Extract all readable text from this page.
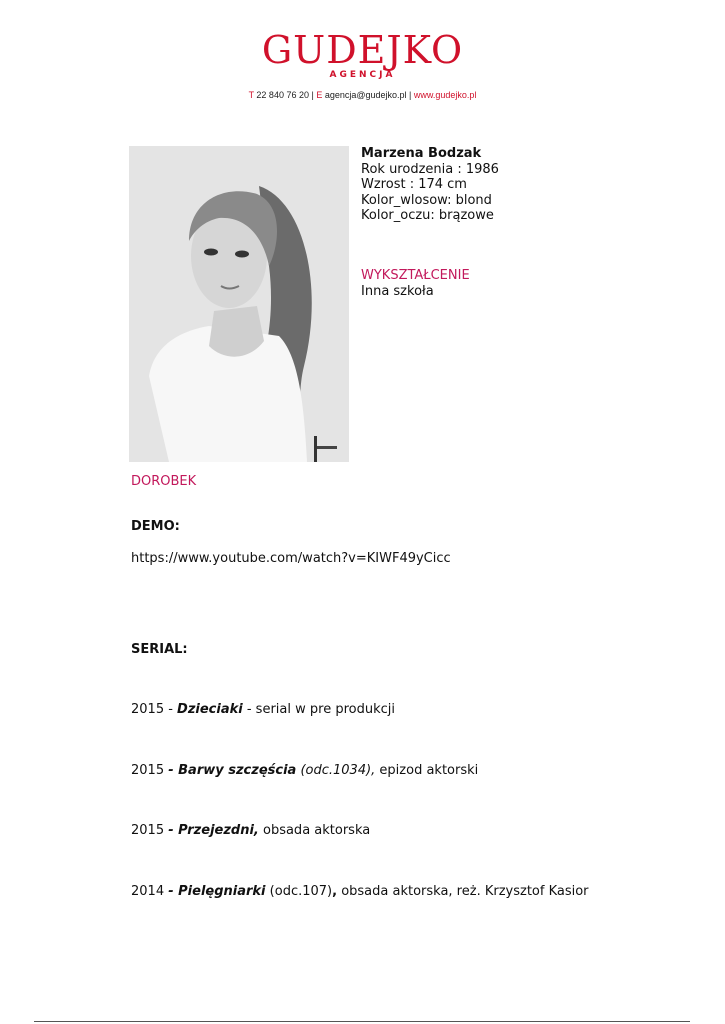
GUDEJKO
AGENCJA
T 22 840 76 20 | E agencja@gudejko.pl | www.gudejko.pl
Marzena Bodzak
Rok urodzenia : 1986
Wzrost : 174 cm
Kolor_wlosow: blond
Kolor_oczu: brązowe
WYKSZTAŁCENIE
Inna szkoła
DOROBEK
DEMO:
https://www.youtube.com/watch?v=KIWF49yCicc
SERIAL:
2015 - Dzieciaki - serial w pre produkcji
2015 - Barwy szczęścia (odc.1034), epizod aktorski
2015 - Przejezdni, obsada aktorska
2014 - Pielęgniarki (odc.107), obsada aktorska, reż. Krzysztof Kasior
